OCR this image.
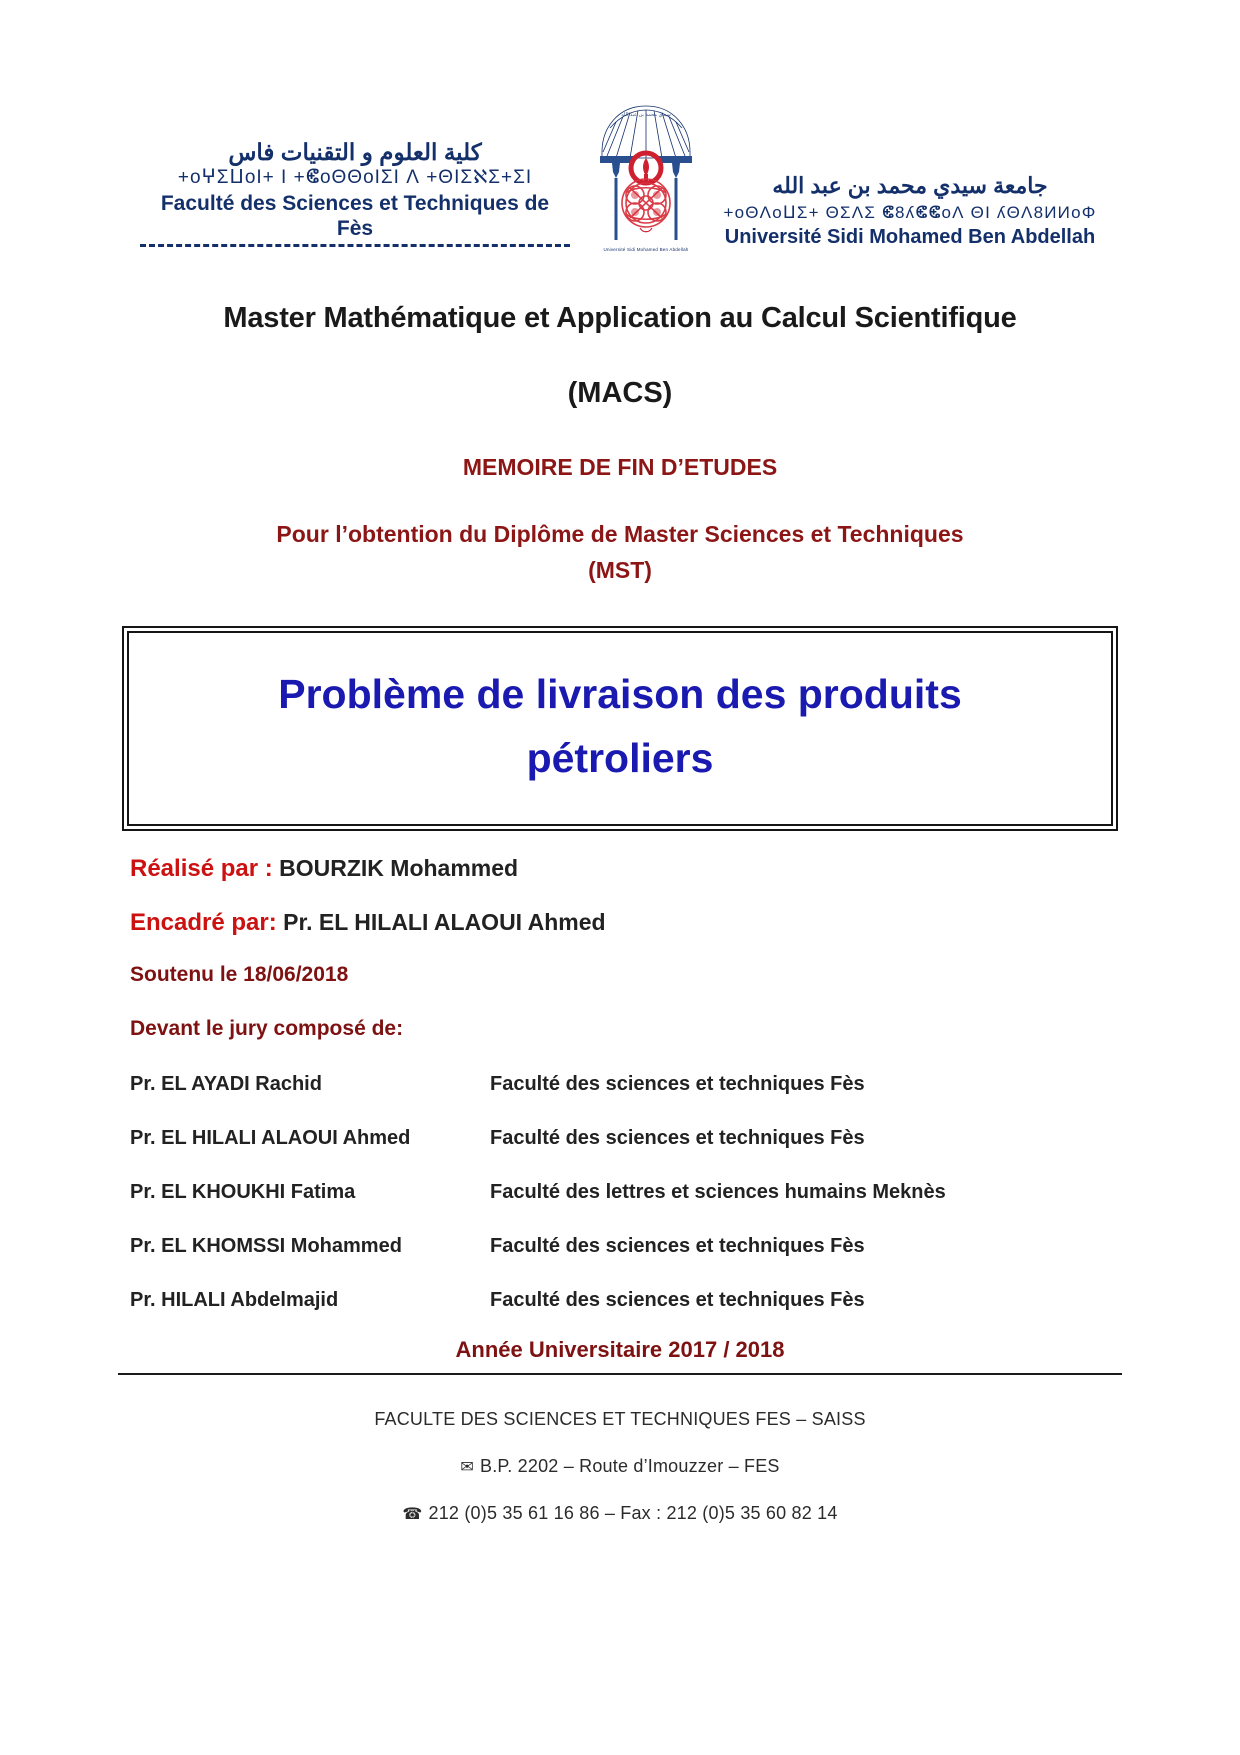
كلية العلوم و التقنيات فاس
+oⵖΣⵡoI+ I +ⵞoΘΘoIΣI Ʌ +ΘIΣℵΣ+ΣI
Faculté des Sciences et Techniques de Fès
سيدي محمد بن عبد الله
Université Sidi Mohamed Ben Abdellah
جامعة سيدي محمد بن عبد الله
+oΘɅoⵡΣ+ ΘΣɅΣ ⵞ8ʎⵞⵞoɅ ΘI ʎΘɅ8ИИoΦ
Université Sidi Mohamed Ben Abdellah
Master Mathématique et Application au Calcul Scientifique
(MACS)
MEMOIRE DE FIN D’ETUDES
Pour l’obtention du Diplôme de Master Sciences et Techniques
(MST)
Problème de livraison des produits
pétroliers
Réalisé par : BOURZIK Mohammed
Encadré par: Pr. EL HILALI ALAOUI Ahmed
Soutenu le 18/06/2018
Devant le jury composé de:
Pr. EL AYADI Rachid	Faculté des sciences et techniques Fès
Pr. EL HILALI ALAOUI Ahmed	Faculté des sciences et techniques Fès
Pr. EL KHOUKHI Fatima	Faculté des lettres et sciences humains Meknès
Pr. EL KHOMSSI Mohammed	Faculté des sciences et techniques Fès
Pr. HILALI Abdelmajid	Faculté des sciences et techniques Fès
Année Universitaire 2017 / 2018
FACULTE DES SCIENCES ET TECHNIQUES FES – SAISS
✉ B.P. 2202 – Route d’Imouzzer – FES
☎ 212 (0)5 35 61 16 86 – Fax : 212 (0)5 35 60 82 14
